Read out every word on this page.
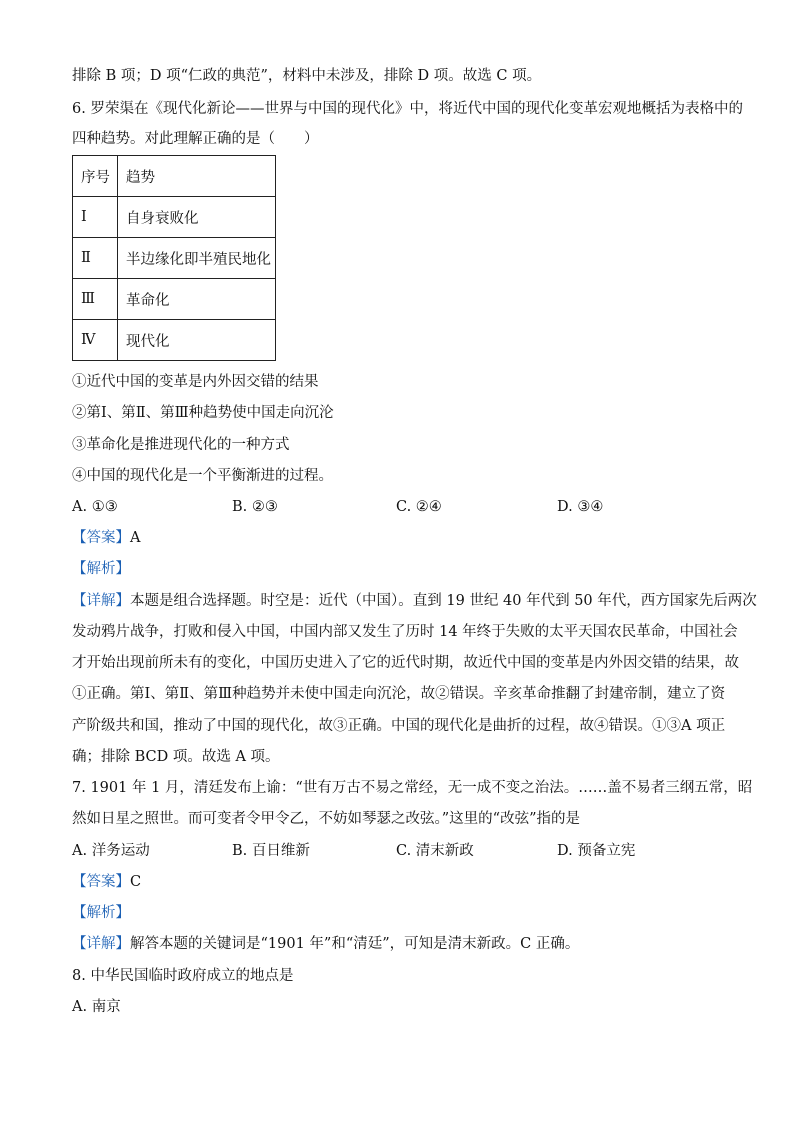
排除 B 项；D 项“仁政的典范”，材料中未涉及，排除 D 项。故选 C 项。
6. 罗荣渠在《现代化新论——世界与中国的现代化》中，将近代中国的现代化变革宏观地概括为表格中的
四种趋势。对此理解正确的是（　　）
序号	趋势
Ⅰ	自身衰败化
Ⅱ	半边缘化即半殖民地化
Ⅲ	革命化
Ⅳ	现代化
①近代中国的变革是内外因交错的结果
②第Ⅰ、第Ⅱ、第Ⅲ种趋势使中国走向沉沦
③革命化是推进现代化的一种方式
④中国的现代化是一个平衡渐进的过程。
A. ①③	B. ②③	C. ②④	D. ③④
【答案】A
【解析】
【详解】本题是组合选择题。时空是：近代（中国）。直到 19 世纪 40 年代到 50 年代，西方国家先后两次
发动鸦片战争，打败和侵入中国，中国内部又发生了历时 14 年终于失败的太平天国农民革命，中国社会
才开始出现前所未有的变化，中国历史进入了它的近代时期，故近代中国的变革是内外因交错的结果，故
①正确。第Ⅰ、第Ⅱ、第Ⅲ种趋势并未使中国走向沉沦，故②错误。辛亥革命推翻了封建帝制，建立了资
产阶级共和国，推动了中国的现代化，故③正确。中国的现代化是曲折的过程，故④错误。①③A 项正
确；排除 BCD 项。故选 A 项。
7. 1901 年 1 月，清廷发布上谕：“世有万古不易之常经，无一成不变之治法。……盖不易者三纲五常，昭
然如日星之照世。而可变者令甲令乙，不妨如琴瑟之改弦。”这里的“改弦”指的是
A. 洋务运动	B. 百日维新	C. 清末新政	D. 预备立宪
【答案】C
【解析】
【详解】解答本题的关键词是“1901 年”和“清廷”，可知是清末新政。C 正确。
8. 中华民国临时政府成立的地点是
A. 南京
